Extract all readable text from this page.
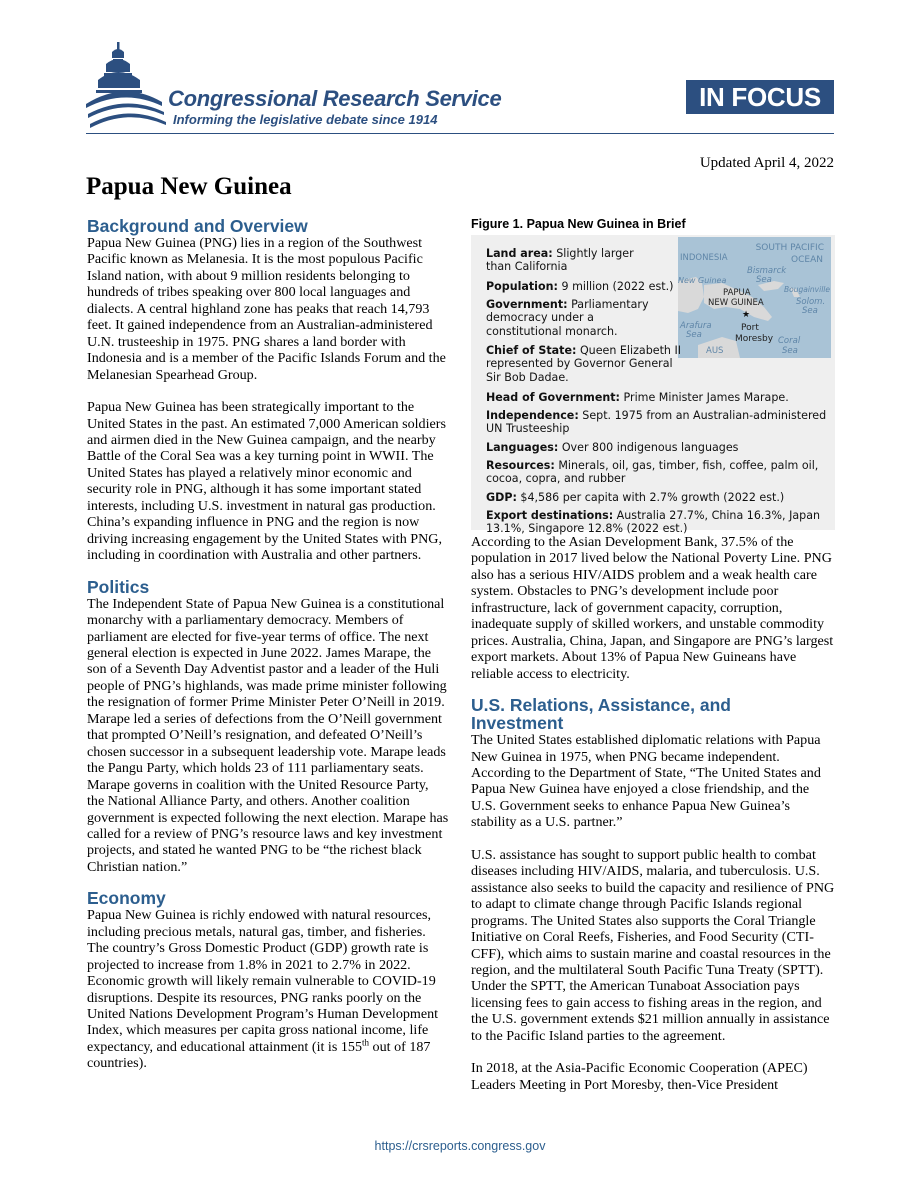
Congressional Research Service
Informing the legislative debate since 1914
IN FOCUS
Updated April 4, 2022
Papua New Guinea
Background and Overview

Papua New Guinea (PNG) lies in a region of the Southwest Pacific known as Melanesia. It is the most populous Pacific Island nation, with about 9 million residents belonging to hundreds of tribes speaking over 800 local languages and dialects. A central highland zone has peaks that reach 14,793 feet. It gained independence from an Australian-administered U.N. trusteeship in 1975. PNG shares a land border with Indonesia and is a member of the Pacific Islands Forum and the Melanesian Spearhead Group.

Papua New Guinea has been strategically important to the United States in the past. An estimated 7,000 American soldiers and airmen died in the New Guinea campaign, and the nearby Battle of the Coral Sea was a key turning point in WWII. The United States has played a relatively minor economic and security role in PNG, although it has some important stated interests, including U.S. investment in natural gas production. China’s expanding influence in PNG and the region is now driving increasing engagement by the United States with PNG, including in coordination with Australia and other partners.

Politics

The Independent State of Papua New Guinea is a constitutional monarchy with a parliamentary democracy. Members of parliament are elected for five-year terms of office. The next general election is expected in June 2022. James Marape, the son of a Seventh Day Adventist pastor and a leader of the Huli people of PNG’s highlands, was made prime minister following the resignation of former Prime Minister Peter O’Neill in 2019. Marape led a series of defections from the O’Neill government that prompted O’Neill’s resignation, and defeated O’Neill’s chosen successor in a subsequent leadership vote. Marape leads the Pangu Party, which holds 23 of 111 parliamentary seats. Marape governs in coalition with the United Resource Party, the National Alliance Party, and others. Another coalition government is expected following the next election. Marape has called for a review of PNG’s resource laws and key investment projects, and stated he wanted PNG to be “the richest black Christian nation.”

Economy

Papua New Guinea is richly endowed with natural resources, including precious metals, natural gas, timber, and fisheries. The country’s Gross Domestic Product (GDP) growth rate is projected to increase from 1.8% in 2021 to 2.7% in 2022. Economic growth will likely remain vulnerable to COVID-19 disruptions. Despite its resources, PNG ranks poorly on the United Nations Development Program’s Human Development Index, which measures per capita gross national income, life expectancy, and educational attainment (it is 155th out of 187 countries).

Figure 1. Papua New Guinea in Brief
SOUTH PACIFIC
OCEAN
INDONESIA
Bismarck
Sea
New Guinea
Bougainville
PAPUA
NEW GUINEA	Solom.
Sea
Arafura
Sea
★
Port
Moresby Coral
Sea
AUS
Land area: Slightly larger
than California
Population: 9 million (2022 est.)
Government: Parliamentary
democracy under a
constitutional monarch.
Chief of State: Queen Elizabeth II
represented by Governor General
Sir Bob Dadae.
Head of Government: Prime Minister James Marape.
Independence: Sept. 1975 from an Australian-administered
UN Trusteeship
Languages: Over 800 indigenous languages
Resources: Minerals, oil, gas, timber, fish, coffee, palm oil,
cocoa, copra, and rubber
GDP: $4,586 per capita with 2.7% growth (2022 est.)
Export destinations: Australia 27.7%, China 16.3%, Japan
13.1%, Singapore 12.8% (2022 est.)

According to the Asian Development Bank, 37.5% of the population in 2017 lived below the National Poverty Line. PNG also has a serious HIV/AIDS problem and a weak health care system. Obstacles to PNG’s development include poor infrastructure, lack of government capacity, corruption, inadequate supply of skilled workers, and unstable commodity prices. Australia, China, Japan, and Singapore are PNG’s largest export markets. About 13% of Papua New Guineans have reliable access to electricity.

U.S. Relations, Assistance, and
Investment

The United States established diplomatic relations with Papua New Guinea in 1975, when PNG became independent. According to the Department of State, “The United States and Papua New Guinea have enjoyed a close friendship, and the U.S. Government seeks to enhance Papua New Guinea’s stability as a U.S. partner.”

U.S. assistance has sought to support public health to combat diseases including HIV/AIDS, malaria, and tuberculosis. U.S. assistance also seeks to build the capacity and resilience of PNG to adapt to climate change through Pacific Islands regional programs. The United States also supports the Coral Triangle Initiative on Coral Reefs, Fisheries, and Food Security (CTI-CFF), which aims to sustain marine and coastal resources in the region, and the multilateral South Pacific Tuna Treaty (SPTT). Under the SPTT, the American Tunaboat Association pays licensing fees to gain access to fishing areas in the region, and the U.S. government extends $21 million annually in assistance to the Pacific Island parties to the agreement.

In 2018, at the Asia-Pacific Economic Cooperation (APEC) Leaders Meeting in Port Moresby, then-Vice President

https://crsreports.congress.gov
